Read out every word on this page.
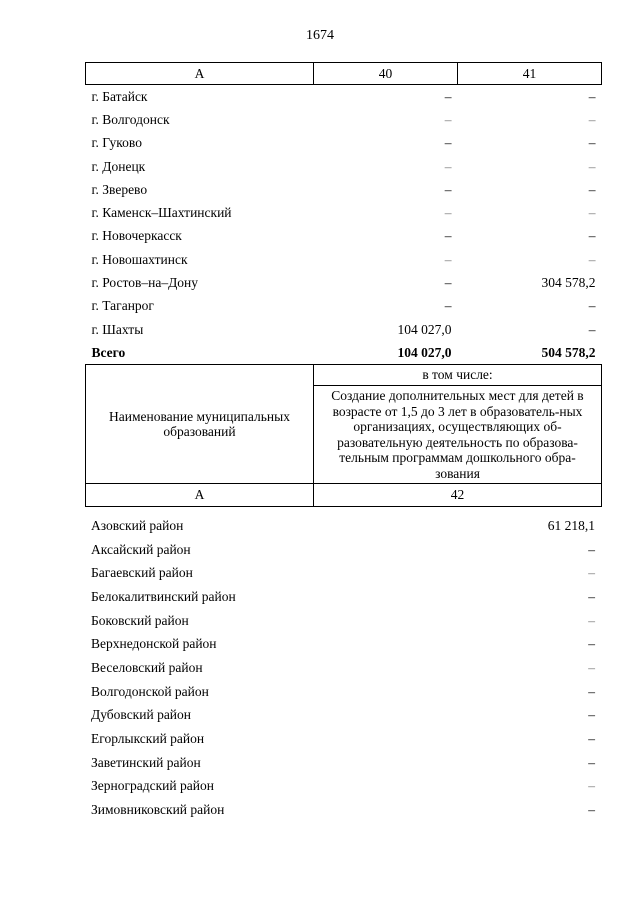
1674
А	40	41
г. Батайск	–	–
г. Волгодонск	–	–
г. Гуково	–	–
г. Донецк	–	–
г. Зверево	–	–
г. Каменск–Шахтинский	–	–
г. Новочеркасск	–	–
г. Новошахтинск	–	–
г. Ростов–на–Дону	–	304 578,2
г. Таганрог	–	–
г. Шахты	104 027,0	–
Всего	104 027,0	504 578,2
Наименование муниципальных образований	в том числе:
	Создание дополнительных мест для детей в возрасте от 1,5 до 3 лет в образователь-ных организациях, осуществляющих об-разовательную деятельность по образова-тельным программам дошкольного обра-зования
А	42
Азовский район	61 218,1
Аксайский район	–
Багаевский район	–
Белокалитвинский район	–
Боковский район	–
Верхнедонской район	–
Веселовский район	–
Волгодонской район	–
Дубовский район	–
Егорлыкский район	–
Заветинский район	–
Зерноградский район	–
Зимовниковский район	–
